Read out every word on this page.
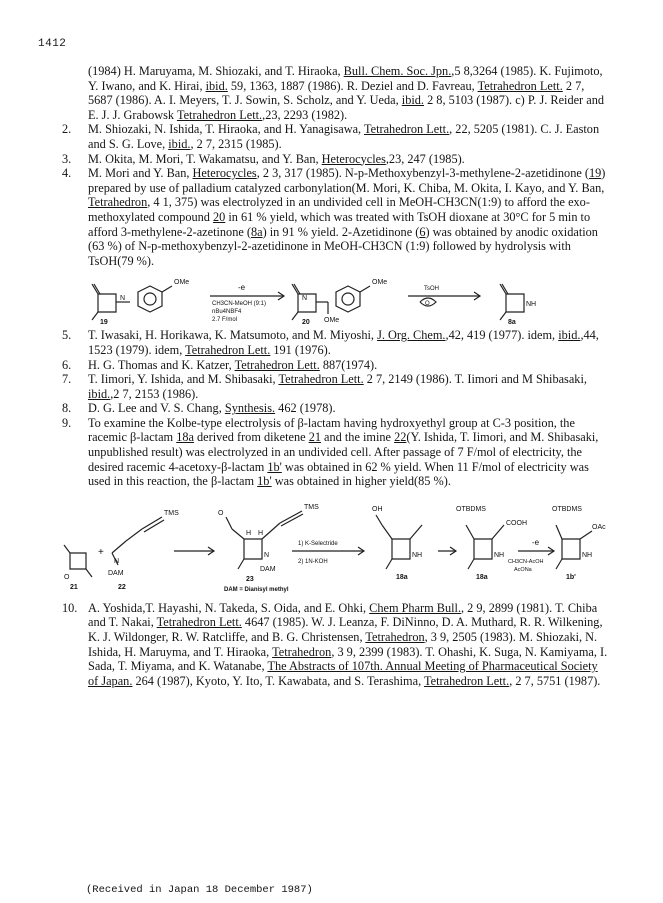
1412

(1984) H. Maruyama, M. Shiozaki, and T. Hiraoka, Bull. Chem. Soc. Jpn.,5 8,3264 (1985). K. Fujimoto, Y. Iwano, and K. Hirai, ibid. 59, 1363, 1887 (1986). R. Deziel and D. Favreau, Tetrahedron Lett. 2 7, 5687 (1986). A. I. Meyers, T. J. Sowin, S. Scholz, and Y. Ueda, ibid. 2 8, 5103 (1987). c) P. J. Reider and E. J. J. Grabowsk Tetrahedron Lett.,23, 2293 (1982).

2. M. Shiozaki, N. Ishida, T. Hiraoka, and H. Yanagisawa, Tetrahedron Lett., 22, 5205 (1981). C. J. Easton and S. G. Love, ibid., 2 7, 2315 (1985).

3. M. Okita, M. Mori, T. Wakamatsu, and Y. Ban, Heterocycles,23, 247 (1985).

4. M. Mori and Y. Ban, Heterocycles, 2 3, 317 (1985). N-p-Methoxybenzyl-3-methylene-2-azetidinone (19) prepared by use of palladium catalyzed carbonylation(M. Mori, K. Chiba, M. Okita, I. Kayo, and Y. Ban, Tetrahedron, 4 1, 375) was electrolyzed in an undivided cell in MeOH-CH3CN(1:9) to afford the exo-methoxylated compound 20 in 61 % yield, which was treated with TsOH dioxane at 30°C for 5 min to afford 3-methylene-2-azetinone (8a) in 91 % yield. 2-Azetidinone (6) was obtained by anodic oxidation (63 %) of N-p-methoxybenzyl-2-azetidinone in MeOH-CH3CN (1:9) followed by hydrolysis with TsOH(79 %).

N
OMe
-e
CH3CN-MeOH (9:1)
nBu4NBF4
2.7 F/mol
N
OMe
OMe
TsOH
O	NH
19	20	8a

5. T. Iwasaki, H. Horikawa, K. Matsumoto, and M. Miyoshi, J. Org. Chem.,42, 419 (1977). idem, ibid.,44, 1523 (1979). idem, Tetrahedron Lett. 191 (1976).

6. H. G. Thomas and K. Katzer, Tetrahedron Lett. 887(1974).

7. T. Iimori, Y. Ishida, and M. Shibasaki, Tetrahedron Lett. 2 7, 2149 (1986). T. Iimori and M Shibasaki, ibid.,2 7, 2153 (1986).

8. D. G. Lee and V. S. Chang, Synthesis. 462 (1978).

9. To examine the Kolbe-type electrolysis of β-lactam having hydroxyethyl group at C-3 position, the racemic β-lactam 18a derived from diketene 21 and the imine 22(Y. Ishida, T. Iimori, and M. Shibasaki, unpublished result) was electrolyzed in an undivided cell. After passage of 7 F/mol of electricity, the desired racemic 4-acetoxy-β-lactam 1b' was obtained in 62 % yield. When 11 F/mol of electricity was used in this reaction, the β-lactam 1b' was obtained in higher yield(85 %).

+
O
TMS
N
DAM
TMS
O
H H
N
DAM
1) K-Selectride
2) 1N-KOH
OH
NH
OTBDMS
COOH
NH
-e
CH3CN-AcOH
AcONa
OTBDMS
OAc
NH
21	22
23	18a	18a	1b'
DAM = Dianisyl methyl

10. A. Yoshida,T. Hayashi, N. Takeda, S. Oida, and E. Ohki, Chem Pharm Bull., 2 9, 2899 (1981). T. Chiba and T. Nakai, Tetrahedron Lett. 4647 (1985). W. J. Leanza, F. DiNinno, D. A. Muthard, R. R. Wilkening, K. J. Wildonger, R. W. Ratcliffe, and B. G. Christensen, Tetrahedron, 3 9, 2505 (1983). M. Shiozaki, N. Ishida, H. Maruyma, and T. Hiraoka, Tetrahedron, 3 9, 2399 (1983). T. Ohashi, K. Suga, N. Kamiyama, I. Sada, T. Miyama, and K. Watanabe, The Abstracts of 107th. Annual Meeting of Pharmaceutical Society of Japan. 264 (1987), Kyoto, Y. Ito, T. Kawabata, and S. Terashima, Tetrahedron Lett., 2 7, 5751 (1987).

(Received in Japan 18 December 1987)
